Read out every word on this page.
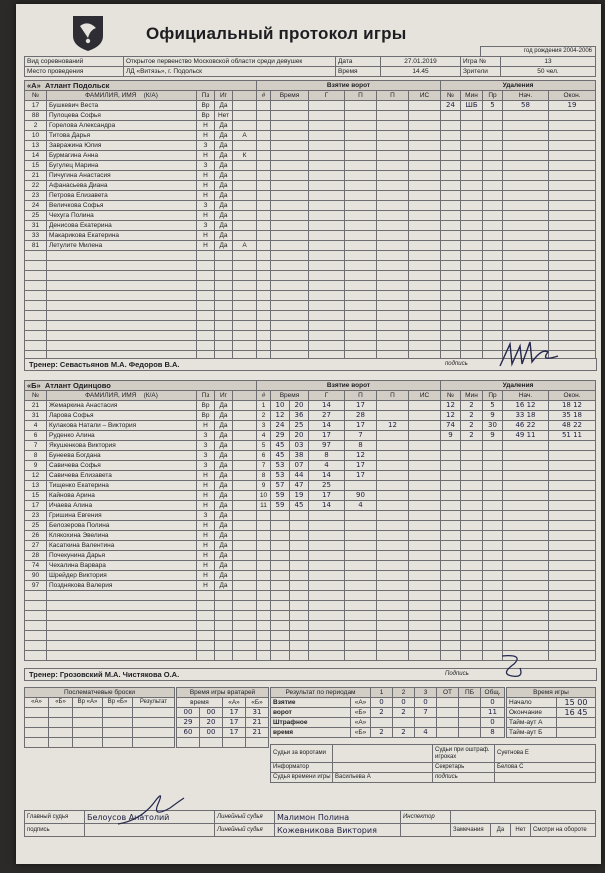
Официальный протокол игры
год рождения 2004-2006
Вид соревнований	Открытое первенство Московской области среди девушек	Дата	27.01.2019	Игра №	13
Место проведения	ЛД «Витязь», г. Подольск	Время	14.45	Зрители	50 чел.
«А» Атлант Подольск	Взятие ворот	Удаления
№	ФАМИЛИЯ, ИМЯ (К/А)	Пз	Иг	
17	Бушкевич Веста	Вр	Да	
88	Пулоцева Софья	Вр	Нет	
2	Горелова Александра	Н	Да	
10	Титова Дарья	Н	Да	А
13	Завражина Юлия	З	Да	
14	Бурмагина Анна	Н	Да	К
15	Бугулец Марина	З	Да	
21	Пичугина Анастасия	Н	Да	
22	Афанасьева Диана	Н	Да	
23	Петрова Елизавета	Н	Да	
24	Величкова Софья	З	Да	
25	Чехуга Полина	Н	Да	
31	Денисова Екатерина	З	Да	
33	Макарикова Екатерина	Н	Да	
81	Летулите Милена	Н	Да	А

#	Время	Г	П	П	ИС

						№	Мин	Пр	Нач.	Окон.
24	ШБ	5	58	19

Тренер: Севастьянов М.А. Федоров В.А.	подпись
«Б» Атлант Одинцово	Взятие ворот	Удаления
№	ФАМИЛИЯ, ИМЯ (К/А)	Пз	Иг	
21	Жемаркина Анастасия	Вр	Да	
31	Ларова Софья	Вр	Да	
4	Кулакова Натали – Виктория	Н	Да	
6	Руденко Алина	З	Да	
7	Якушенкова Виктория	З	Да	
8	Бунеева Богдана	З	Да	
9	Савичева Софья	З	Да	
12	Савичева Елизавета	Н	Да	
13	Тищенко Екатерина	Н	Да	
15	Кайнова Арина	Н	Да	
17	Ичаева Алина	Н	Да	
23	Гришина Евгения	З	Да	
25	Белозерова Полина	Н	Да	
26	Клякохина Эвелина	Н	Да	
27	Касаткина Валентина	Н	Да	
28	Почекунина Дарья	Н	Да	
74	Чехалина Варвара	Н	Да	
90	Шрейдер Виктория	Н	Да	
97	Позднякова Валерия	Н	Да	

#	Время		Г	П	П	ИС
1	10	20	14	17		
2	12	36	27	28		
3	24	25	14	17	12	
4	29	20	17	7		
5	45	03	97	8		
6	45	38	8	12		
7	53	07	4	17		
8	53	44	14	17		
9	57	47	25			
10	59	19	17	90		
11	59	45	14	4		

№	Мин	Пр	Нач.	Окон.
12	2	5	16 12	18 12
12	2	9	33 18	35 18
74	2	30	46 22	48 22
9	2	9	49 11	51 11

Тренер: Грозовский М.А. Чистякова О.А.	Подпись
Послематчевые броски				
«А»	«Б»	Вр «А»	Вр «Б»	Результат

Время игры вратарей			
время		«А»	«Б»
00	00	17	31
29	20	17	21
60	00	17	21

Результат по периодам		1	2	3	ОТ	ПБ	Общ.
Взятие	«А»	0	0	0			0
ворот	«Б»	2	2	7			11
Штрафное	«А»						0
время	«Б»	2	2	4			8
Время игры	
Начало	15 00
Окончание	16 45
Тайм-аут А	
Тайм-аут Б	
Судьи за воротами		Судьи при оштраф. игроках	Суетнова Е
Информатор		Секретарь	Белова С
Судья времени игры	Васильева А	подпись	
Главный судья	Белоусов Анатолий	Линейный судья	Малимон Полина	Инспектор				
подпись		Линейный судья	Кожевникова Виктория		Замечания	Да	Нет	Смотри на обороте
